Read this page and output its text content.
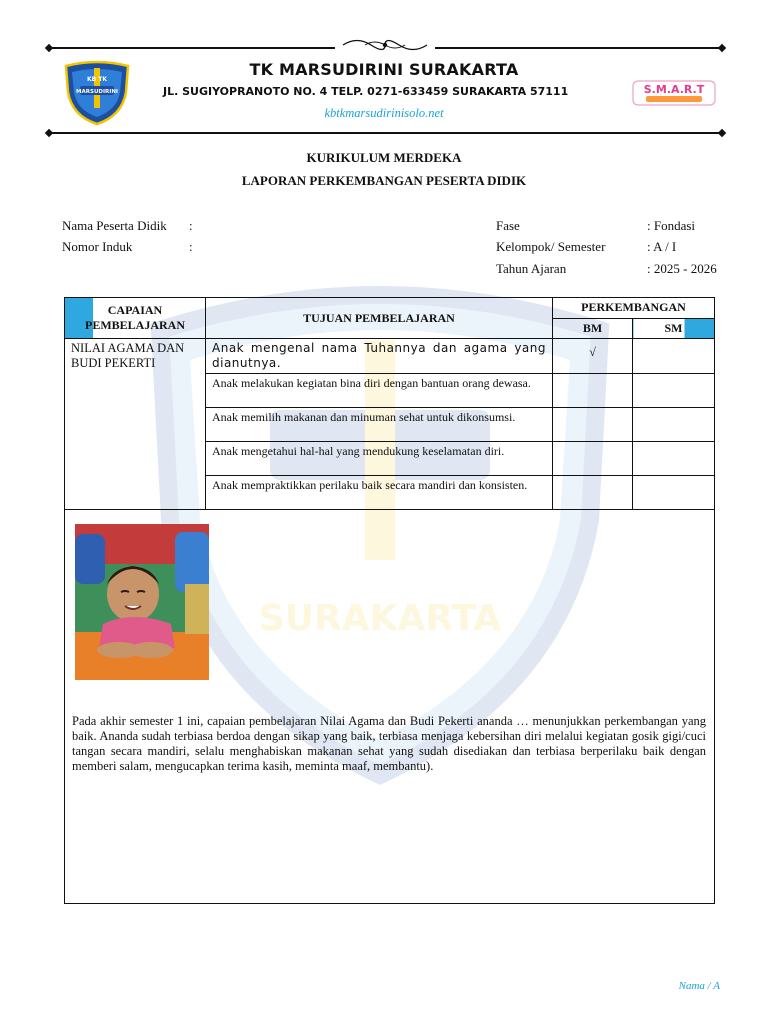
SURAKARTA
KB TK
MARSUDIRINI
TK MARSUDIRINI SURAKARTA
JL. SUGIYOPRANOTO NO. 4 TELP. 0271-633459 SURAKARTA 57111
kbtkmarsudirinisolo.net
S.M.A.R.T
KURIKULUM MERDEKA
LAPORAN PERKEMBANGAN PESERTA DIDIK
Nama Peserta Didik :
Nomor Induk	:
Fase	: Fondasi
Kelompok/ Semester	: A / I
Tahun Ajaran	: 2025 - 2026
CAPAIAN PEMBELAJARAN	TUJUAN PEMBELAJARAN	PERKEMBANGAN	
		BM	SM
NILAI AGAMA DAN BUDI PEKERTI	Anak mengenal nama Tuhannya dan agama yang dianutnya.	√	
	Anak melakukan kegiatan bina diri dengan bantuan orang dewasa.		
	Anak memilih makanan dan minuman sehat untuk dikonsumsi.		
	Anak mengetahui hal-hal yang mendukung keselamatan diri.		
	Anak mempraktikkan perilaku baik secara mandiri dan konsisten.		

Pada akhir semester 1 ini, capaian pembelajaran Nilai Agama dan Budi Pekerti ananda … menunjukkan perkembangan yang baik. Ananda sudah terbiasa berdoa dengan sikap yang baik, terbiasa menjaga kebersihan diri melalui kegiatan gosik gigi/cuci tangan secara mandiri, selalu menghabiskan makanan sehat yang sudah disediakan dan terbiasa berperilaku baik dengan memberi salam, mengucapkan terima kasih, meminta maaf, membantu).			
Nama / A
